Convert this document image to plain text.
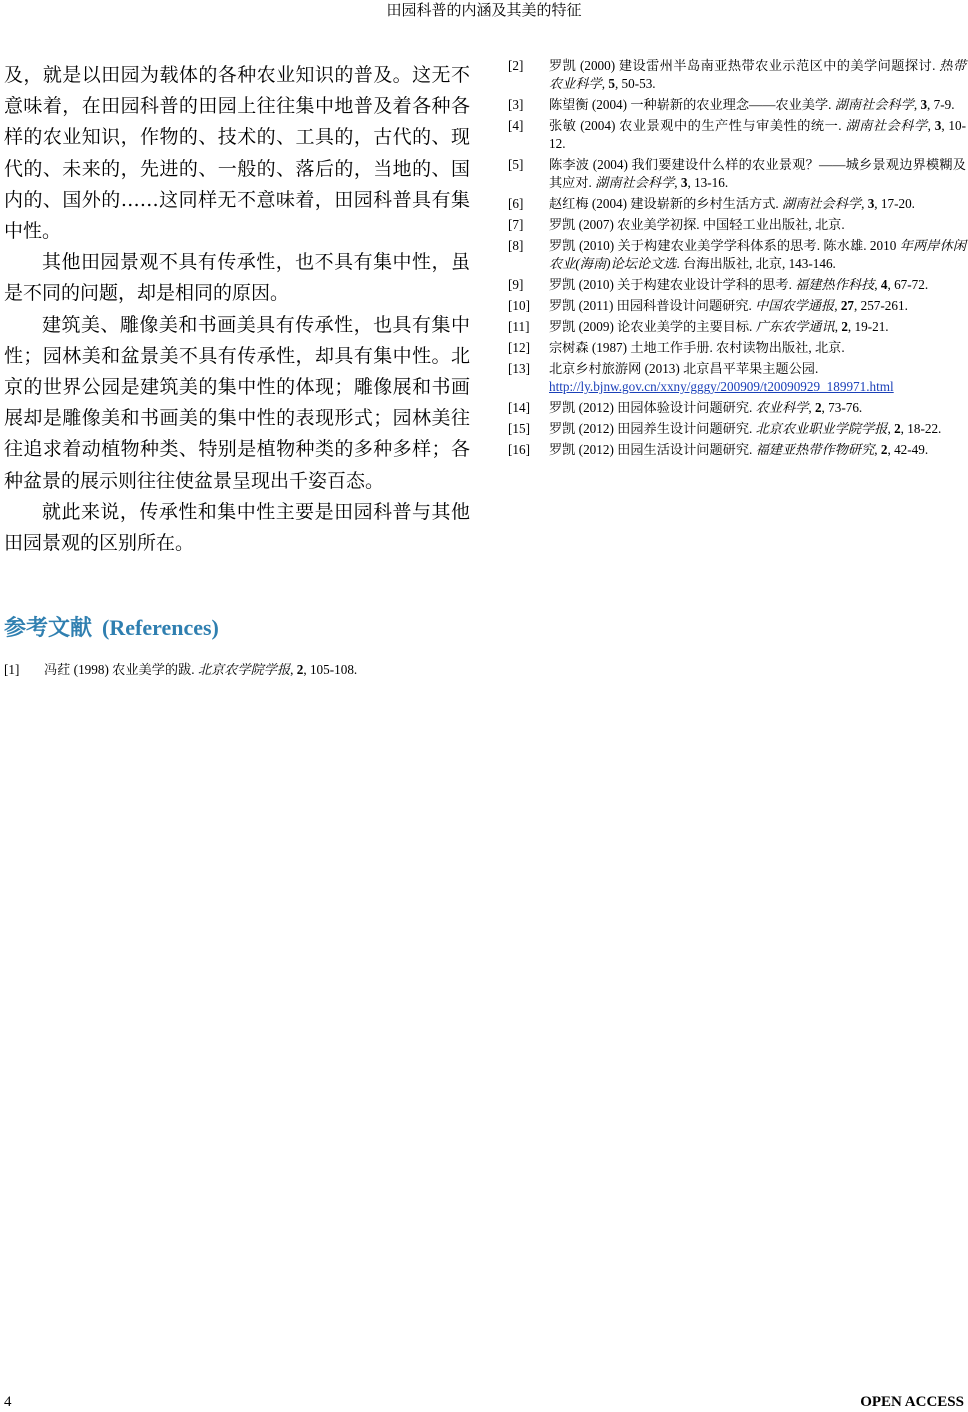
田园科普的内涵及其美的特征

及，就是以田园为载体的各种农业知识的普及。这无不意味着，在田园科普的田园上往往集中地普及着各种各样的农业知识，作物的、技术的、工具的，古代的、现代的、未来的，先进的、一般的、落后的，当地的、国内的、国外的……这同样无不意味着，田园科普具有集中性。

其他田园景观不具有传承性，也不具有集中性，虽是不同的问题，却是相同的原因。

建筑美、雕像美和书画美具有传承性，也具有集中性；园林美和盆景美不具有传承性，却具有集中性。北京的世界公园是建筑美的集中性的体现；雕像展和书画展却是雕像美和书画美的集中性的表现形式；园林美往往追求着动植物种类、特别是植物种类的多种多样；各种盆景的展示则往往使盆景呈现出千姿百态。

就此来说，传承性和集中性主要是田园科普与其他田园景观的区别所在。

参考文献 (References)
[1] 冯荭 (1998) 农业美学的跋. 北京农学院学报, 2, 105-108.
[2] 罗凯 (2000) 建设雷州半岛南亚热带农业示范区中的美学问题探讨. 热带农业科学, 5, 50-53.
[3] 陈望衡 (2004) 一种崭新的农业理念——农业美学. 湖南社会科学, 3, 7-9.
[4] 张敏 (2004) 农业景观中的生产性与审美性的统一. 湖南社会科学, 3, 10-12.
[5] 陈李波 (2004) 我们要建设什么样的农业景观？——城乡景观边界模糊及其应对. 湖南社会科学, 3, 13-16.
[6] 赵红梅 (2004) 建设崭新的乡村生活方式. 湖南社会科学, 3, 17-20.
[7] 罗凯 (2007) 农业美学初探. 中国轻工业出版社, 北京.
[8] 罗凯 (2010) 关于构建农业美学学科体系的思考. 陈水雄. 2010 年两岸休闲农业(海南)论坛论文选. 台海出版社, 北京, 143-146.
[9] 罗凯 (2010) 关于构建农业设计学科的思考. 福建热作科技, 4, 67-72.
[10] 罗凯 (2011) 田园科普设计问题研究. 中国农学通报, 27, 257-261.
[11] 罗凯 (2009) 论农业美学的主要目标. 广东农学通讯, 2, 19-21.
[12] 宗树森 (1987) 土地工作手册. 农村读物出版社, 北京.
[13] 北京乡村旅游网 (2013) 北京昌平苹果主题公园.
http://ly.bjnw.gov.cn/xxny/gggy/200909/t20090929_189971.html
[14] 罗凯 (2012) 田园体验设计问题研究. 农业科学, 2, 73-76.
[15] 罗凯 (2012) 田园养生设计问题研究. 北京农业职业学院学报, 2, 18-22.
[16] 罗凯 (2012) 田园生活设计问题研究. 福建亚热带作物研究, 2, 42-49.
4	OPEN ACCESS
